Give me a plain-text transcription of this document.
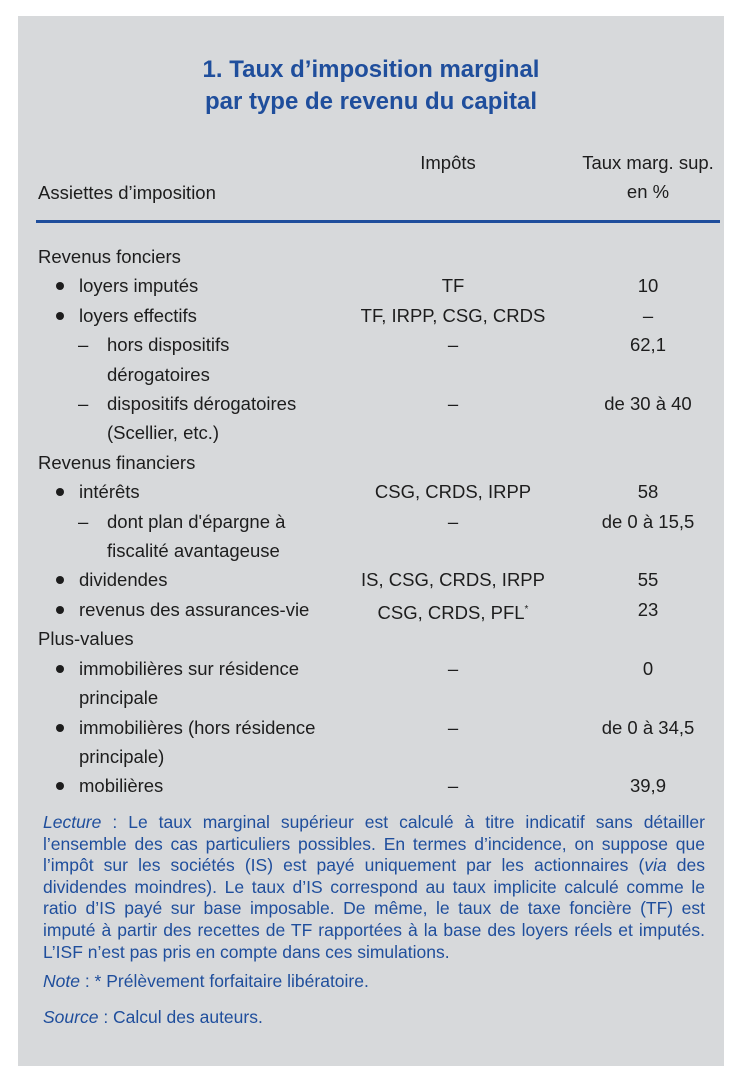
1. Taux d’imposition marginal
par type de revenu du capital
Assiettes d’imposition
Impôts	Taux marg. sup.
en %
Revenus fonciers
loyers imputés	TF	10
loyers effectifs	TF, IRPP, CSG, CRDS	–
– hors dispositifs
dérogatoires
–	62,1
– dispositifs dérogatoires
(Scellier, etc.)
–	de 30 à 40
Revenus financiers
intérêts	CSG, CRDS, IRPP	58
– dont plan d'épargne à
fiscalité avantageuse
–	de 0 à 15,5
dividendes	IS, CSG, CRDS, IRPP	55
revenus des assurances-vie	CSG, CRDS, PFL*	23
Plus-values
immobilières sur résidence
principale
–	0
immobilières (hors résidence
principale)
–	de 0 à 34,5
mobilières	–	39,9

Lecture : Le taux marginal supérieur est calculé à titre indicatif sans détailler l’ensemble des cas particuliers possibles. En termes d’incidence, on suppose que l’impôt sur les sociétés (IS) est payé uniquement par les actionnaires (via des dividendes moindres). Le taux d’IS correspond au taux implicite calculé comme le ratio d’IS payé sur base imposable. De même, le taux de taxe foncière (TF) est imputé à partir des recettes de TF rapportées à la base des loyers réels et imputés. L’ISF n’est pas pris en compte dans ces simulations.

Note : * Prélèvement forfaitaire libératoire.

Source : Calcul des auteurs.
